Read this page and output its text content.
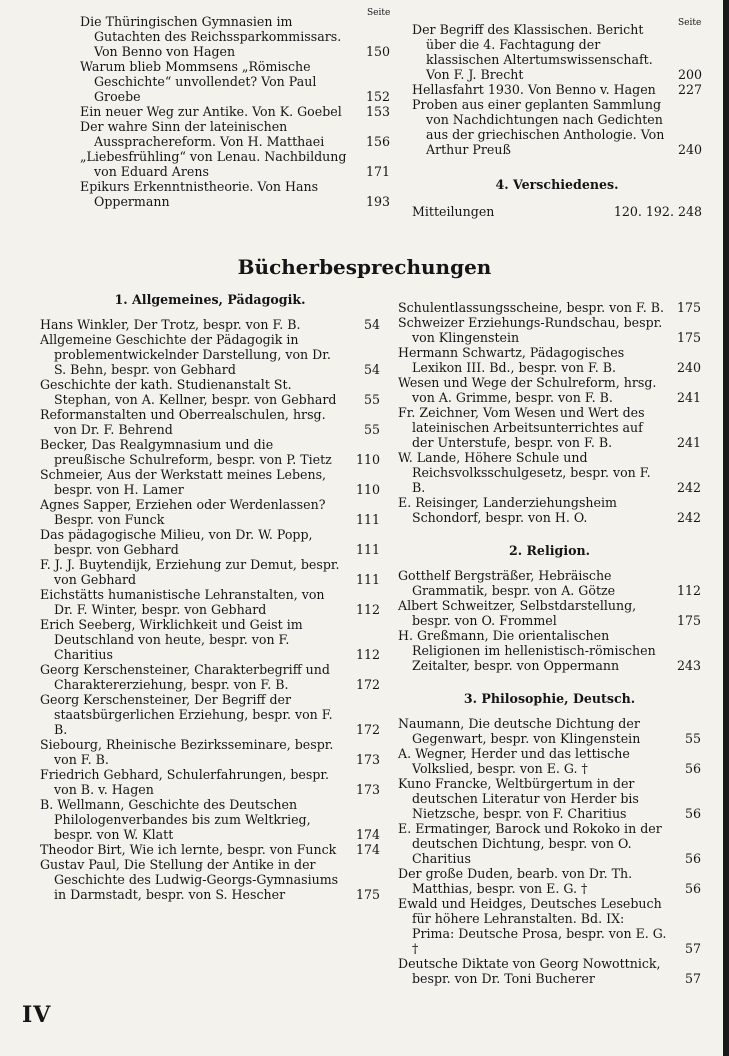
Seite
Seite

Die Thüringischen Gymnasien im Gutachten des Reichssparkommissars. Von Benno von Hagen	150

Warum blieb Mommsens „Römische Geschichte“ unvollendet? Von Paul Groebe	152

Ein neuer Weg zur Antike. Von K. Goebel	153

Der wahre Sinn der lateinischen Aussprachereform. Von H. Matthaei	156

„Liebesfrühling“ von Lenau. Nachbildung von Eduard Arens	171

Epikurs Erkenntnistheorie. Von Hans Oppermann	193

Der Begriff des Klassischen. Bericht über die 4. Fachtagung der klassischen Altertumswissenschaft. Von F. J. Brecht	200

Hellasfahrt 1930. Von Benno v. Hagen	227

Proben aus einer geplanten Sammlung von Nachdichtungen nach Gedichten aus der griechischen Anthologie. Von Arthur Preuß	240

4. Verschiedenes.

Mitteilungen	120. 192. 248

Bücherbesprechungen

1. Allgemeines, Pädagogik.

Hans Winkler, Der Trotz, bespr. von F. B.	54

Allgemeine Geschichte der Pädagogik in problementwickelnder Darstellung, von Dr. S. Behn, bespr. von Gebhard	54

Geschichte der kath. Studienanstalt St. Stephan, von A. Kellner, bespr. von Gebhard	55

Reformanstalten und Oberrealschulen, hrsg. von Dr. F. Behrend	55

Becker, Das Realgymnasium und die preußische Schulreform, bespr. von P. Tietz	110

Schmeier, Aus der Werkstatt meines Lebens, bespr. von H. Lamer	110

Agnes Sapper, Erziehen oder Werdenlassen? Bespr. von Funck	111

Das pädagogische Milieu, von Dr. W. Popp, bespr. von Gebhard	111

F. J. J. Buytendijk, Erziehung zur Demut, bespr. von Gebhard	111

Eichstätts humanistische Lehranstalten, von Dr. F. Winter, bespr. von Gebhard	112

Erich Seeberg, Wirklichkeit und Geist im Deutschland von heute, bespr. von F. Charitius	112

Georg Kerschensteiner, Charakterbegriff und Charaktererziehung, bespr. von F. B.	172

Georg Kerschensteiner, Der Begriff der staatsbürgerlichen Erziehung, bespr. von F. B.	172

Siebourg, Rheinische Bezirksseminare, bespr. von F. B.	173

Friedrich Gebhard, Schulerfahrungen, bespr. von B. v. Hagen	173

B. Wellmann, Geschichte des Deutschen Philologenverbandes bis zum Weltkrieg, bespr. von W. Klatt	174

Theodor Birt, Wie ich lernte, bespr. von Funck	174

Gustav Paul, Die Stellung der Antike in der Geschichte des Ludwig-Georgs-Gymnasiums in Darmstadt, bespr. von S. Hescher	175

Schulentlassungsscheine, bespr. von F. B.	175

Schweizer Erziehungs-Rundschau, bespr. von Klingenstein	175

Hermann Schwartz, Pädagogisches Lexikon III. Bd., bespr. von F. B.	240

Wesen und Wege der Schulreform, hrsg. von A. Grimme, bespr. von F. B.	241

Fr. Zeichner, Vom Wesen und Wert des lateinischen Arbeitsunterrichtes auf der Unterstufe, bespr. von F. B.	241

W. Lande, Höhere Schule und Reichsvolksschulgesetz, bespr. von F. B.	242

E. Reisinger, Landerziehungsheim Schondorf, bespr. von H. O.	242

2. Religion.

Gotthelf Bergsträßer, Hebräische Grammatik, bespr. von A. Götze	112

Albert Schweitzer, Selbstdarstellung, bespr. von O. Frommel	175

H. Greßmann, Die orientalischen Religionen im hellenistisch-römischen Zeitalter, bespr. von Oppermann	243

3. Philosophie, Deutsch.

Naumann, Die deutsche Dichtung der Gegenwart, bespr. von Klingenstein	55

A. Wegner, Herder und das lettische Volkslied, bespr. von E. G. †	56

Kuno Francke, Weltbürgertum in der deutschen Literatur von Herder bis Nietzsche, bespr. von F. Charitius	56

E. Ermatinger, Barock und Rokoko in der deutschen Dichtung, bespr. von O. Charitius	56

Der große Duden, bearb. von Dr. Th. Matthias, bespr. von E. G. †	56

Ewald und Heidges, Deutsches Lesebuch für höhere Lehranstalten. Bd. IX: Prima: Deutsche Prosa, bespr. von E. G. †	57

Deutsche Diktate von Georg Nowottnick, bespr. von Dr. Toni Bucherer	57

IV
